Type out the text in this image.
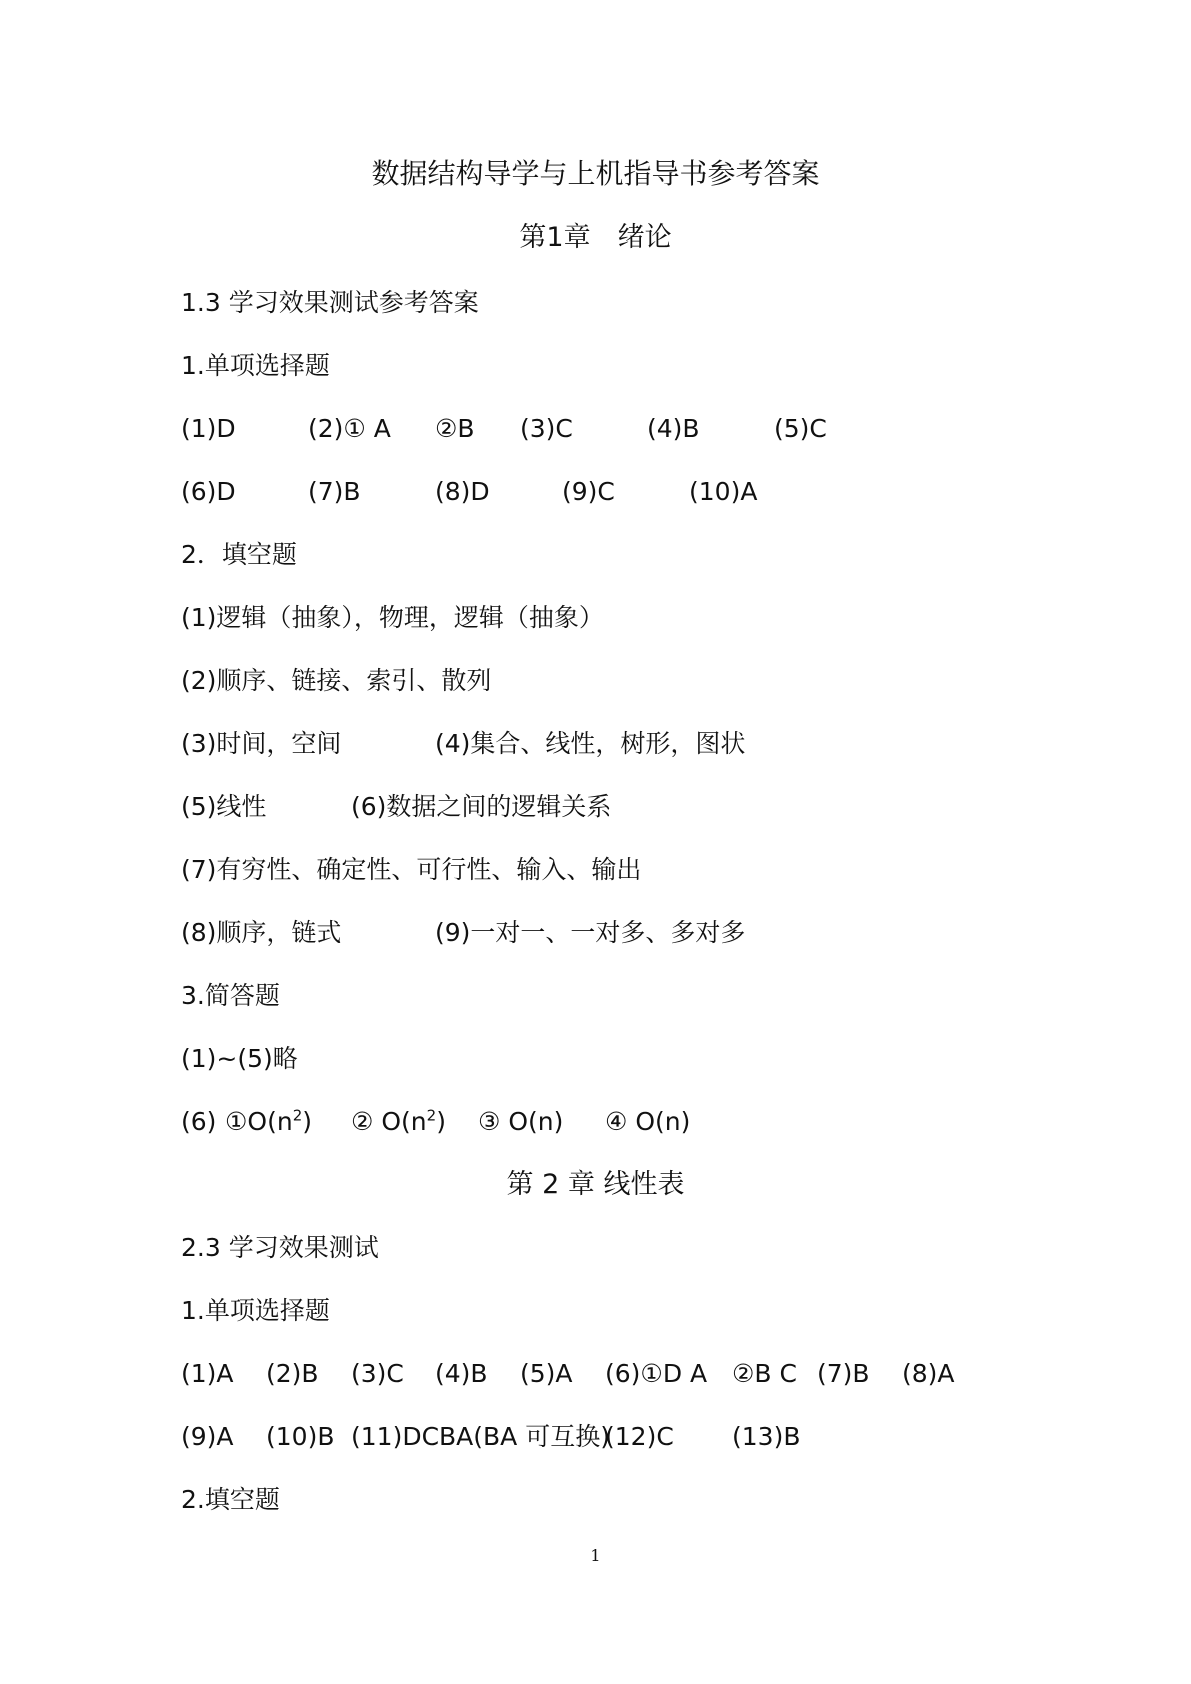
数据结构导学与上机指导书参考答案
第1章　绪论
1.3 学习效果测试参考答案
1.单项选择题
(1)D	(2)① A ②B (3)C	(4)B	(5)C
(6)D	(7)B	(8)D	(9)C	(10)A
2．填空题
(1)逻辑（抽象），物理，逻辑（抽象）
(2)顺序、链接、索引、散列
(3)时间，空间	(4)集合、线性，树形，图状
(5)线性	(6)数据之间的逻辑关系
(7)有穷性、确定性、可行性、输入、输出
(8)顺序，链式	(9)一对一、一对多、多对多
3.简答题
(1)~(5)略
(6) $①O(n^2)$ ② $O(n^2)$ ③ O(n) ④ O(n)
第 2 章 线性表
2.3 学习效果测试
1.单项选择题
(1)A (2)B (3)C (4)B (5)A (6)①D A ②B C (7)B (8)A
(9)A (10)B (11)DCBA(BA 可互换)
(12)C (13)B
2.填空题
1
